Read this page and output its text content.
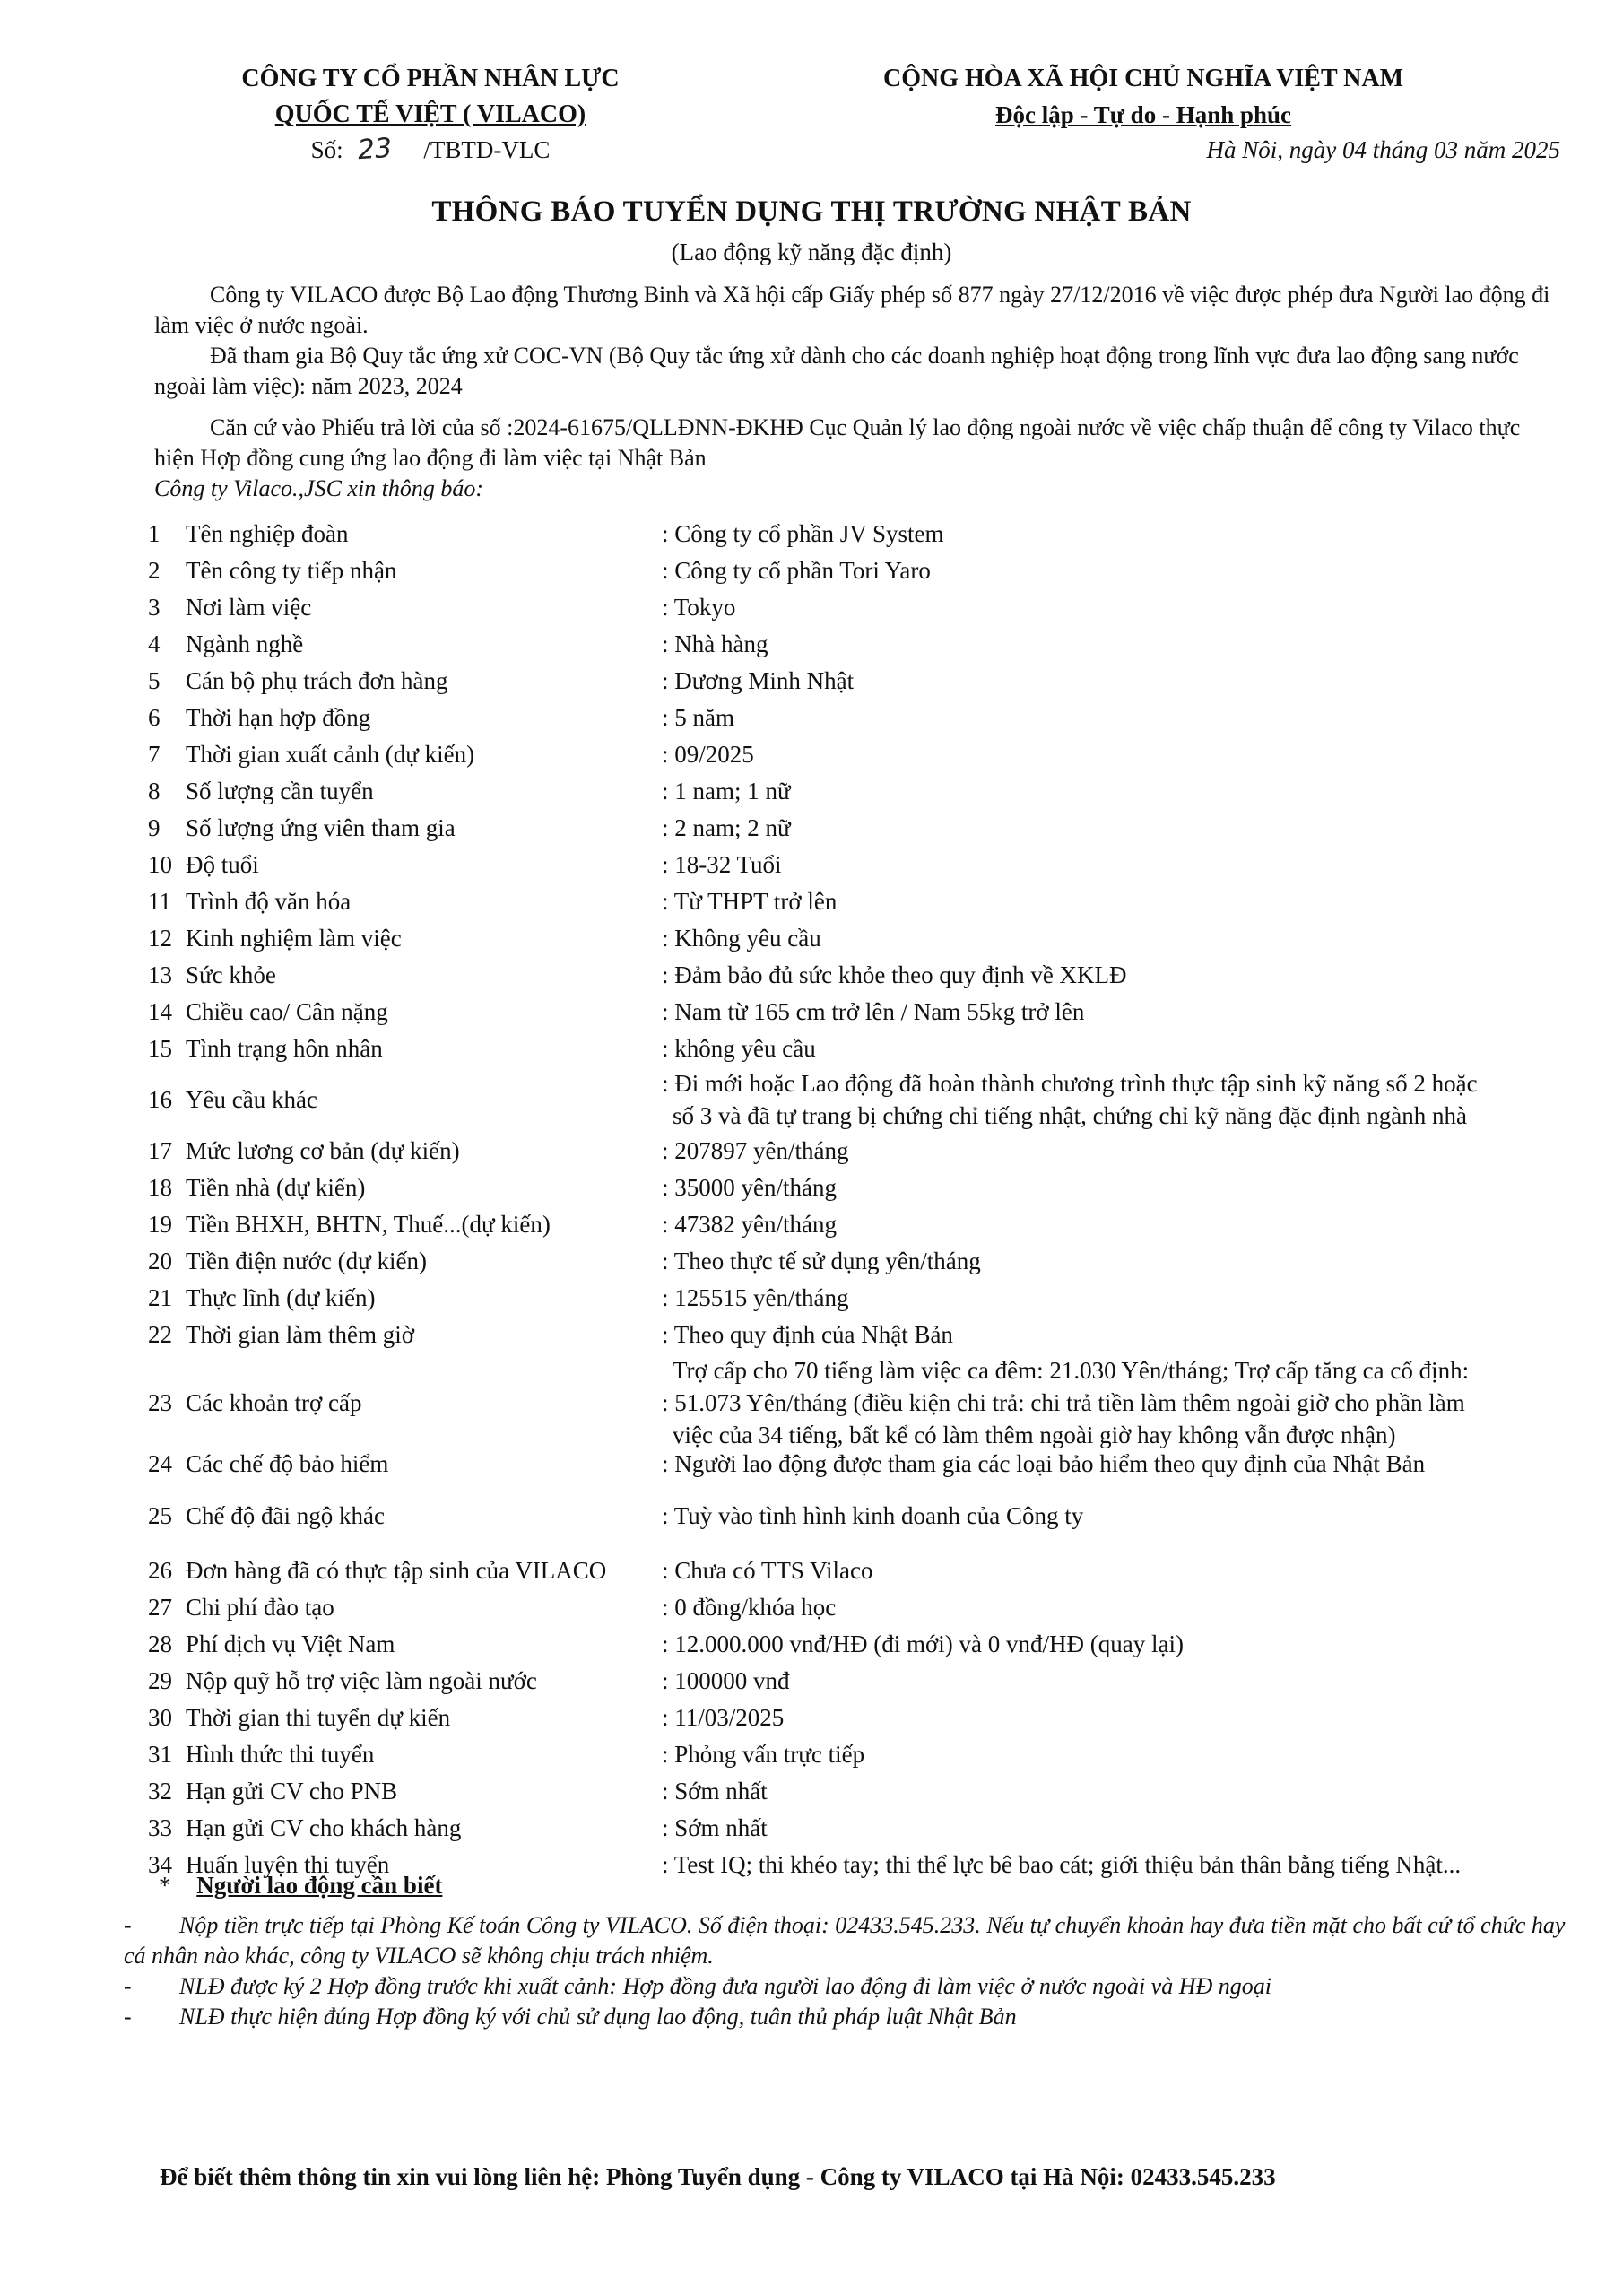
CÔNG TY CỔ PHẦN NHÂN LỰC
QUỐC TẾ VIỆT ( VILACO)
Số: 23 /TBTD-VLC
CỘNG HÒA XÃ HỘI CHỦ NGHĨA VIỆT NAM
Độc lập - Tự do - Hạnh phúc
Hà Nôi, ngày 04 tháng 03 năm 2025
THÔNG BÁO TUYỂN DỤNG THỊ TRƯỜNG NHẬT BẢN
(Lao động kỹ năng đặc định)
Công ty VILACO được Bộ Lao động Thương Binh và Xã hội cấp Giấy phép số 877 ngày 27/12/2016 về việc được phép đưa Người lao động đi làm việc ở nước ngoài.
Đã tham gia Bộ Quy tắc ứng xử COC-VN (Bộ Quy tắc ứng xử dành cho các doanh nghiệp hoạt động trong lĩnh vực đưa lao động sang nước ngoài làm việc): năm 2023, 2024
Căn cứ vào Phiếu trả lời của số :2024-61675/QLLĐNN-ĐKHĐ Cục Quản lý lao động ngoài nước về việc chấp thuận để công ty Vilaco thực hiện Hợp đồng cung ứng lao động đi làm việc tại Nhật Bản
Công ty Vilaco.,JSC xin thông báo:
1	Tên nghiệp đoàn	: Công ty cổ phần JV System
2	Tên công ty tiếp nhận	: Công ty cổ phần Tori Yaro
3	Nơi làm việc	: Tokyo
4	Ngành nghề	: Nhà hàng
5	Cán bộ phụ trách đơn hàng	: Dương Minh Nhật
6	Thời hạn hợp đồng	: 5 năm
7	Thời gian xuất cảnh (dự kiến)	: 09/2025
8	Số lượng cần tuyển	: 1 nam; 1 nữ
9	Số lượng ứng viên tham gia	: 2 nam; 2 nữ
10 Độ tuổi	: 18-32 Tuổi
11 Trình độ văn hóa	: Từ THPT trở lên
12 Kinh nghiệm làm việc	: Không yêu cầu
13 Sức khỏe	: Đảm bảo đủ sức khỏe theo quy định về XKLĐ
14 Chiều cao/ Cân nặng	: Nam từ 165 cm trở lên / Nam 55kg trở lên
15 Tình trạng hôn nhân	: không yêu cầu
16 Yêu cầu khác
: Đi mới hoặc Lao động đã hoàn thành chương trình thực tập sinh kỹ năng số 2 hoặc
số 3 và đã tự trang bị chứng chỉ tiếng nhật, chứng chỉ kỹ năng đặc định ngành nhà
17 Mức lương cơ bản (dự kiến)	: 207897 yên/tháng
18 Tiền nhà (dự kiến)	: 35000 yên/tháng
19 Tiền BHXH, BHTN, Thuế...(dự kiến)	: 47382 yên/tháng
20 Tiền điện nước (dự kiến)	: Theo thực tế sử dụng yên/tháng
21 Thực lĩnh (dự kiến)	: 125515 yên/tháng
22 Thời gian làm thêm giờ	: Theo quy định của Nhật Bản
23 Các khoản trợ cấp
Trợ cấp cho 70 tiếng làm việc ca đêm: 21.030 Yên/tháng; Trợ cấp tăng ca cố định:
: 51.073 Yên/tháng (điều kiện chi trả: chi trả tiền làm thêm ngoài giờ cho phần làm
việc của 34 tiếng, bất kể có làm thêm ngoài giờ hay không vẫn được nhận)
24 Các chế độ bảo hiểm	: Người lao động được tham gia các loại bảo hiểm theo quy định của Nhật Bản
25 Chế độ đãi ngộ khác	: Tuỳ vào tình hình kinh doanh của Công ty
26 Đơn hàng đã có thực tập sinh của VILACO : Chưa có TTS Vilaco
27 Chi phí đào tạo	: 0 đồng/khóa học
28 Phí dịch vụ Việt Nam	: 12.000.000 vnđ/HĐ (đi mới) và 0 vnđ/HĐ (quay lại)
29 Nộp quỹ hỗ trợ việc làm ngoài nước	: 100000 vnđ
30 Thời gian thi tuyển dự kiến	: 11/03/2025
31 Hình thức thi tuyển	: Phỏng vấn trực tiếp
32 Hạn gửi CV cho PNB	: Sớm nhất
33 Hạn gửi CV cho khách hàng	: Sớm nhất
34 Huấn luyện thi tuyển	: Test IQ; thi khéo tay; thi thể lực bê bao cát; giới thiệu bản thân bằng tiếng Nhật...
* Người lao động cần biết
- Nộp tiền trực tiếp tại Phòng Kế toán Công ty VILACO. Số điện thoại: 02433.545.233. Nếu tự chuyển khoản hay đưa tiền mặt cho bất cứ tổ chức hay cá nhân nào khác, công ty VILACO sẽ không chịu trách nhiệm.
- NLĐ được ký 2 Hợp đồng trước khi xuất cảnh: Hợp đồng đưa người lao động đi làm việc ở nước ngoài và HĐ ngoại
- NLĐ thực hiện đúng Hợp đồng ký với chủ sử dụng lao động, tuân thủ pháp luật Nhật Bản
Để biết thêm thông tin xin vui lòng liên hệ: Phòng Tuyển dụng - Công ty VILACO tại Hà Nội: 02433.545.233
